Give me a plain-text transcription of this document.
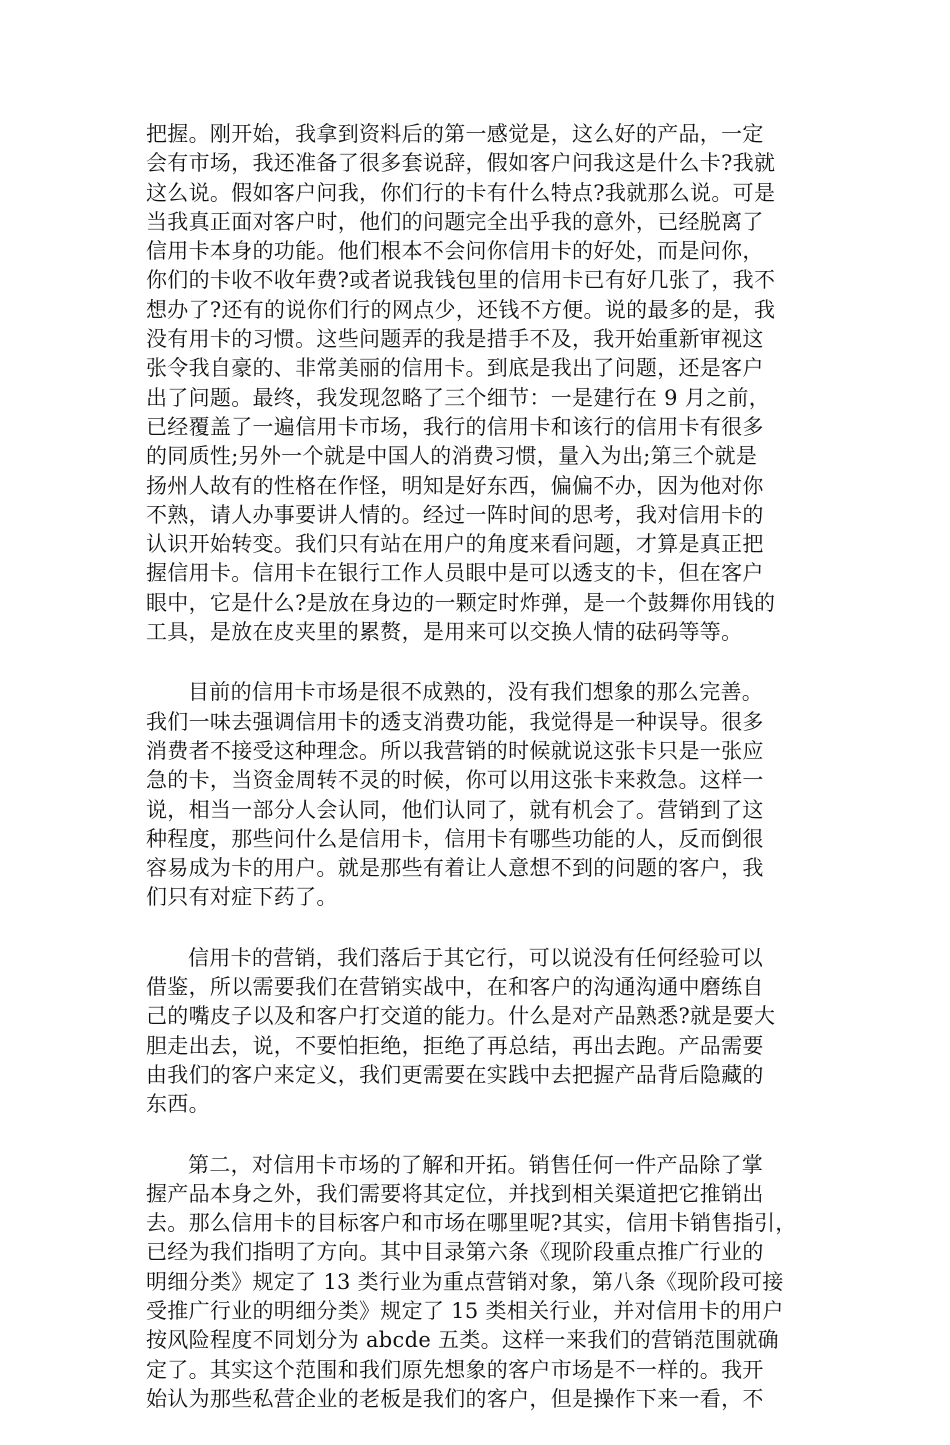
把握。刚开始，我拿到资料后的第一感觉是，这么好的产品，一定
会有市场，我还准备了很多套说辞，假如客户问我这是什么卡?我就
这么说。假如客户问我，你们行的卡有什么特点?我就那么说。可是
当我真正面对客户时，他们的问题完全出乎我的意外，已经脱离了
信用卡本身的功能。他们根本不会问你信用卡的好处，而是问你，
你们的卡收不收年费?或者说我钱包里的信用卡已有好几张了，我不
想办了?还有的说你们行的网点少，还钱不方便。说的最多的是，我
没有用卡的习惯。这些问题弄的我是措手不及，我开始重新审视这
张令我自豪的、非常美丽的信用卡。到底是我出了问题，还是客户
出了问题。最终，我发现忽略了三个细节：一是建行在 9 月之前，
已经覆盖了一遍信用卡市场，我行的信用卡和该行的信用卡有很多
的同质性;另外一个就是中国人的消费习惯，量入为出;第三个就是
扬州人故有的性格在作怪，明知是好东西，偏偏不办，因为他对你
不熟，请人办事要讲人情的。经过一阵时间的思考，我对信用卡的
认识开始转变。我们只有站在用户的角度来看问题，才算是真正把
握信用卡。信用卡在银行工作人员眼中是可以透支的卡，但在客户
眼中，它是什么?是放在身边的一颗定时炸弹，是一个鼓舞你用钱的
工具，是放在皮夹里的累赘，是用来可以交换人情的砝码等等。
目前的信用卡市场是很不成熟的，没有我们想象的那么完善。
我们一味去强调信用卡的透支消费功能，我觉得是一种误导。很多
消费者不接受这种理念。所以我营销的时候就说这张卡只是一张应
急的卡，当资金周转不灵的时候，你可以用这张卡来救急。这样一
说，相当一部分人会认同，他们认同了，就有机会了。营销到了这
种程度，那些问什么是信用卡，信用卡有哪些功能的人，反而倒很
容易成为卡的用户。就是那些有着让人意想不到的问题的客户，我
们只有对症下药了。
信用卡的营销，我们落后于其它行，可以说没有任何经验可以
借鉴，所以需要我们在营销实战中，在和客户的沟通沟通中磨练自
己的嘴皮子以及和客户打交道的能力。什么是对产品熟悉?就是要大
胆走出去，说，不要怕拒绝，拒绝了再总结，再出去跑。产品需要
由我们的客户来定义，我们更需要在实践中去把握产品背后隐藏的
东西。
第二，对信用卡市场的了解和开拓。销售任何一件产品除了掌
握产品本身之外，我们需要将其定位，并找到相关渠道把它推销出
去。那么信用卡的目标客户和市场在哪里呢?其实，信用卡销售指引，
已经为我们指明了方向。其中目录第六条《现阶段重点推广行业的
明细分类》规定了 13 类行业为重点营销对象，第八条《现阶段可接
受推广行业的明细分类》规定了 15 类相关行业，并对信用卡的用户
按风险程度不同划分为 abcde 五类。这样一来我们的营销范围就确
定了。其实这个范围和我们原先想象的客户市场是不一样的。我开
始认为那些私营企业的老板是我们的客户，但是操作下来一看，不
